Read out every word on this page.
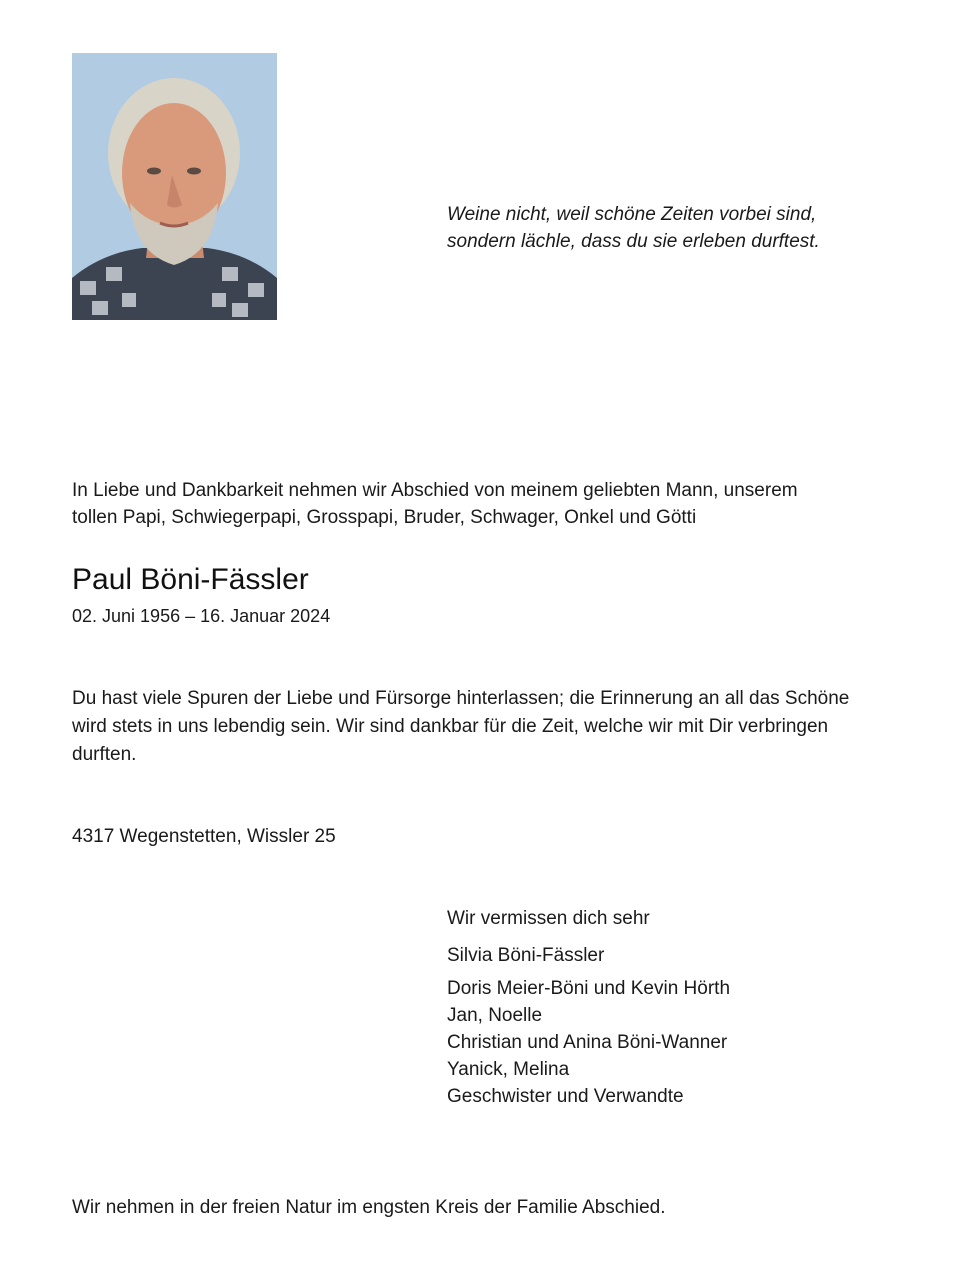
Weine nicht, weil schöne Zeiten vorbei sind,
sondern lächle, dass du sie erleben durftest.
In Liebe und Dankbarkeit nehmen wir Abschied von meinem geliebten Mann, unserem
tollen Papi, Schwiegerpapi, Grosspapi, Bruder, Schwager, Onkel und Götti
Paul Böni-Fässler
02. Juni 1956 – 16. Januar 2024
Du hast viele Spuren der Liebe und Fürsorge hinterlassen; die Erinnerung an all das Schöne
wird stets in uns lebendig sein. Wir sind dankbar für die Zeit, welche wir mit Dir verbringen
durften.
4317 Wegenstetten, Wissler 25
Wir vermissen dich sehr
Silvia Böni-Fässler
Doris Meier-Böni und Kevin Hörth
Jan, Noelle
Christian und Anina Böni-Wanner
Yanick, Melina
Geschwister und Verwandte
Wir nehmen in der freien Natur im engsten Kreis der Familie Abschied.
